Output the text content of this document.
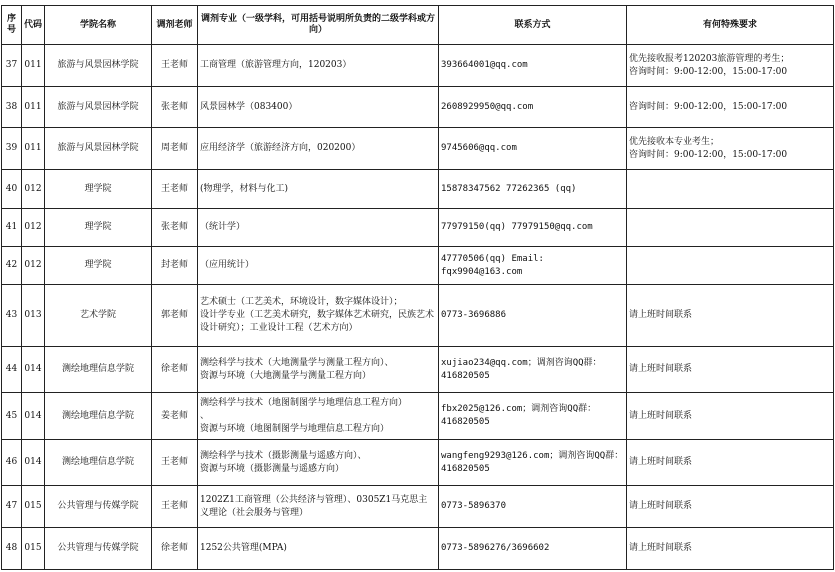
序号	代码	学院名称	调剂老师	调剂专业（一级学科，可用括号说明所负责的二级学科或方向）	联系方式	有何特殊要求
37	011	旅游与风景园林学院	王老师	工商管理（旅游管理方向，120203）	393664001@qq.com	优先接收报考120203旅游管理的考生；
咨询时间：9:00-12:00，15:00-17:00
38	011	旅游与风景园林学院	张老师	风景园林学（083400）	2608929950@qq.com	咨询时间：9:00-12:00，15:00-17:00
39	011	旅游与风景园林学院	周老师	应用经济学（旅游经济方向，020200）	9745606@qq.com	优先接收本专业考生；
咨询时间：9:00-12:00，15:00-17:00
40	012	理学院	王老师	(物理学，材料与化工)	15878347562 77262365 (qq)	
41	012	理学院	张老师	（统计学）	77979150(qq) 77979150@qq.com	
42	012	理学院	封老师	（应用统计）	47770506(qq) Email:
fqx9904@163.com	
43	013	艺术学院	郭老师	艺术硕士（工艺美术，环境设计，数字媒体设计）；
设计学专业（工艺美术研究，数字媒体艺术研究，民族艺术设计研究）；工业设计工程（艺术方向）	0773-3696886	请上班时间联系
44	014	测绘地理信息学院	徐老师	测绘科学与技术（大地测量学与测量工程方向）、
资源与环境（大地测量学与测量工程方向）	xujiao234@qq.com；调剂咨询QQ群：
416820505	请上班时间联系
45	014	测绘地理信息学院	姜老师	测绘科学与技术（地图制图学与地理信息工程方向）
、
资源与环境（地图制图学与地理信息工程方向）	fbx2025@126.com；调剂咨询QQ群：
416820505	请上班时间联系
46	014	测绘地理信息学院	王老师	测绘科学与技术（摄影测量与遥感方向）、
资源与环境（摄影测量与遥感方向）	wangfeng9293@126.com；调剂咨询QQ群：
416820505	请上班时间联系
47	015	公共管理与传媒学院	王老师	1202Z1工商管理（公共经济与管理）、0305Z1马克思主义理论（社会服务与管理）	0773-5896370	请上班时间联系
48	015	公共管理与传媒学院	徐老师	1252公共管理(MPA)	0773-5896276/3696602	请上班时间联系
